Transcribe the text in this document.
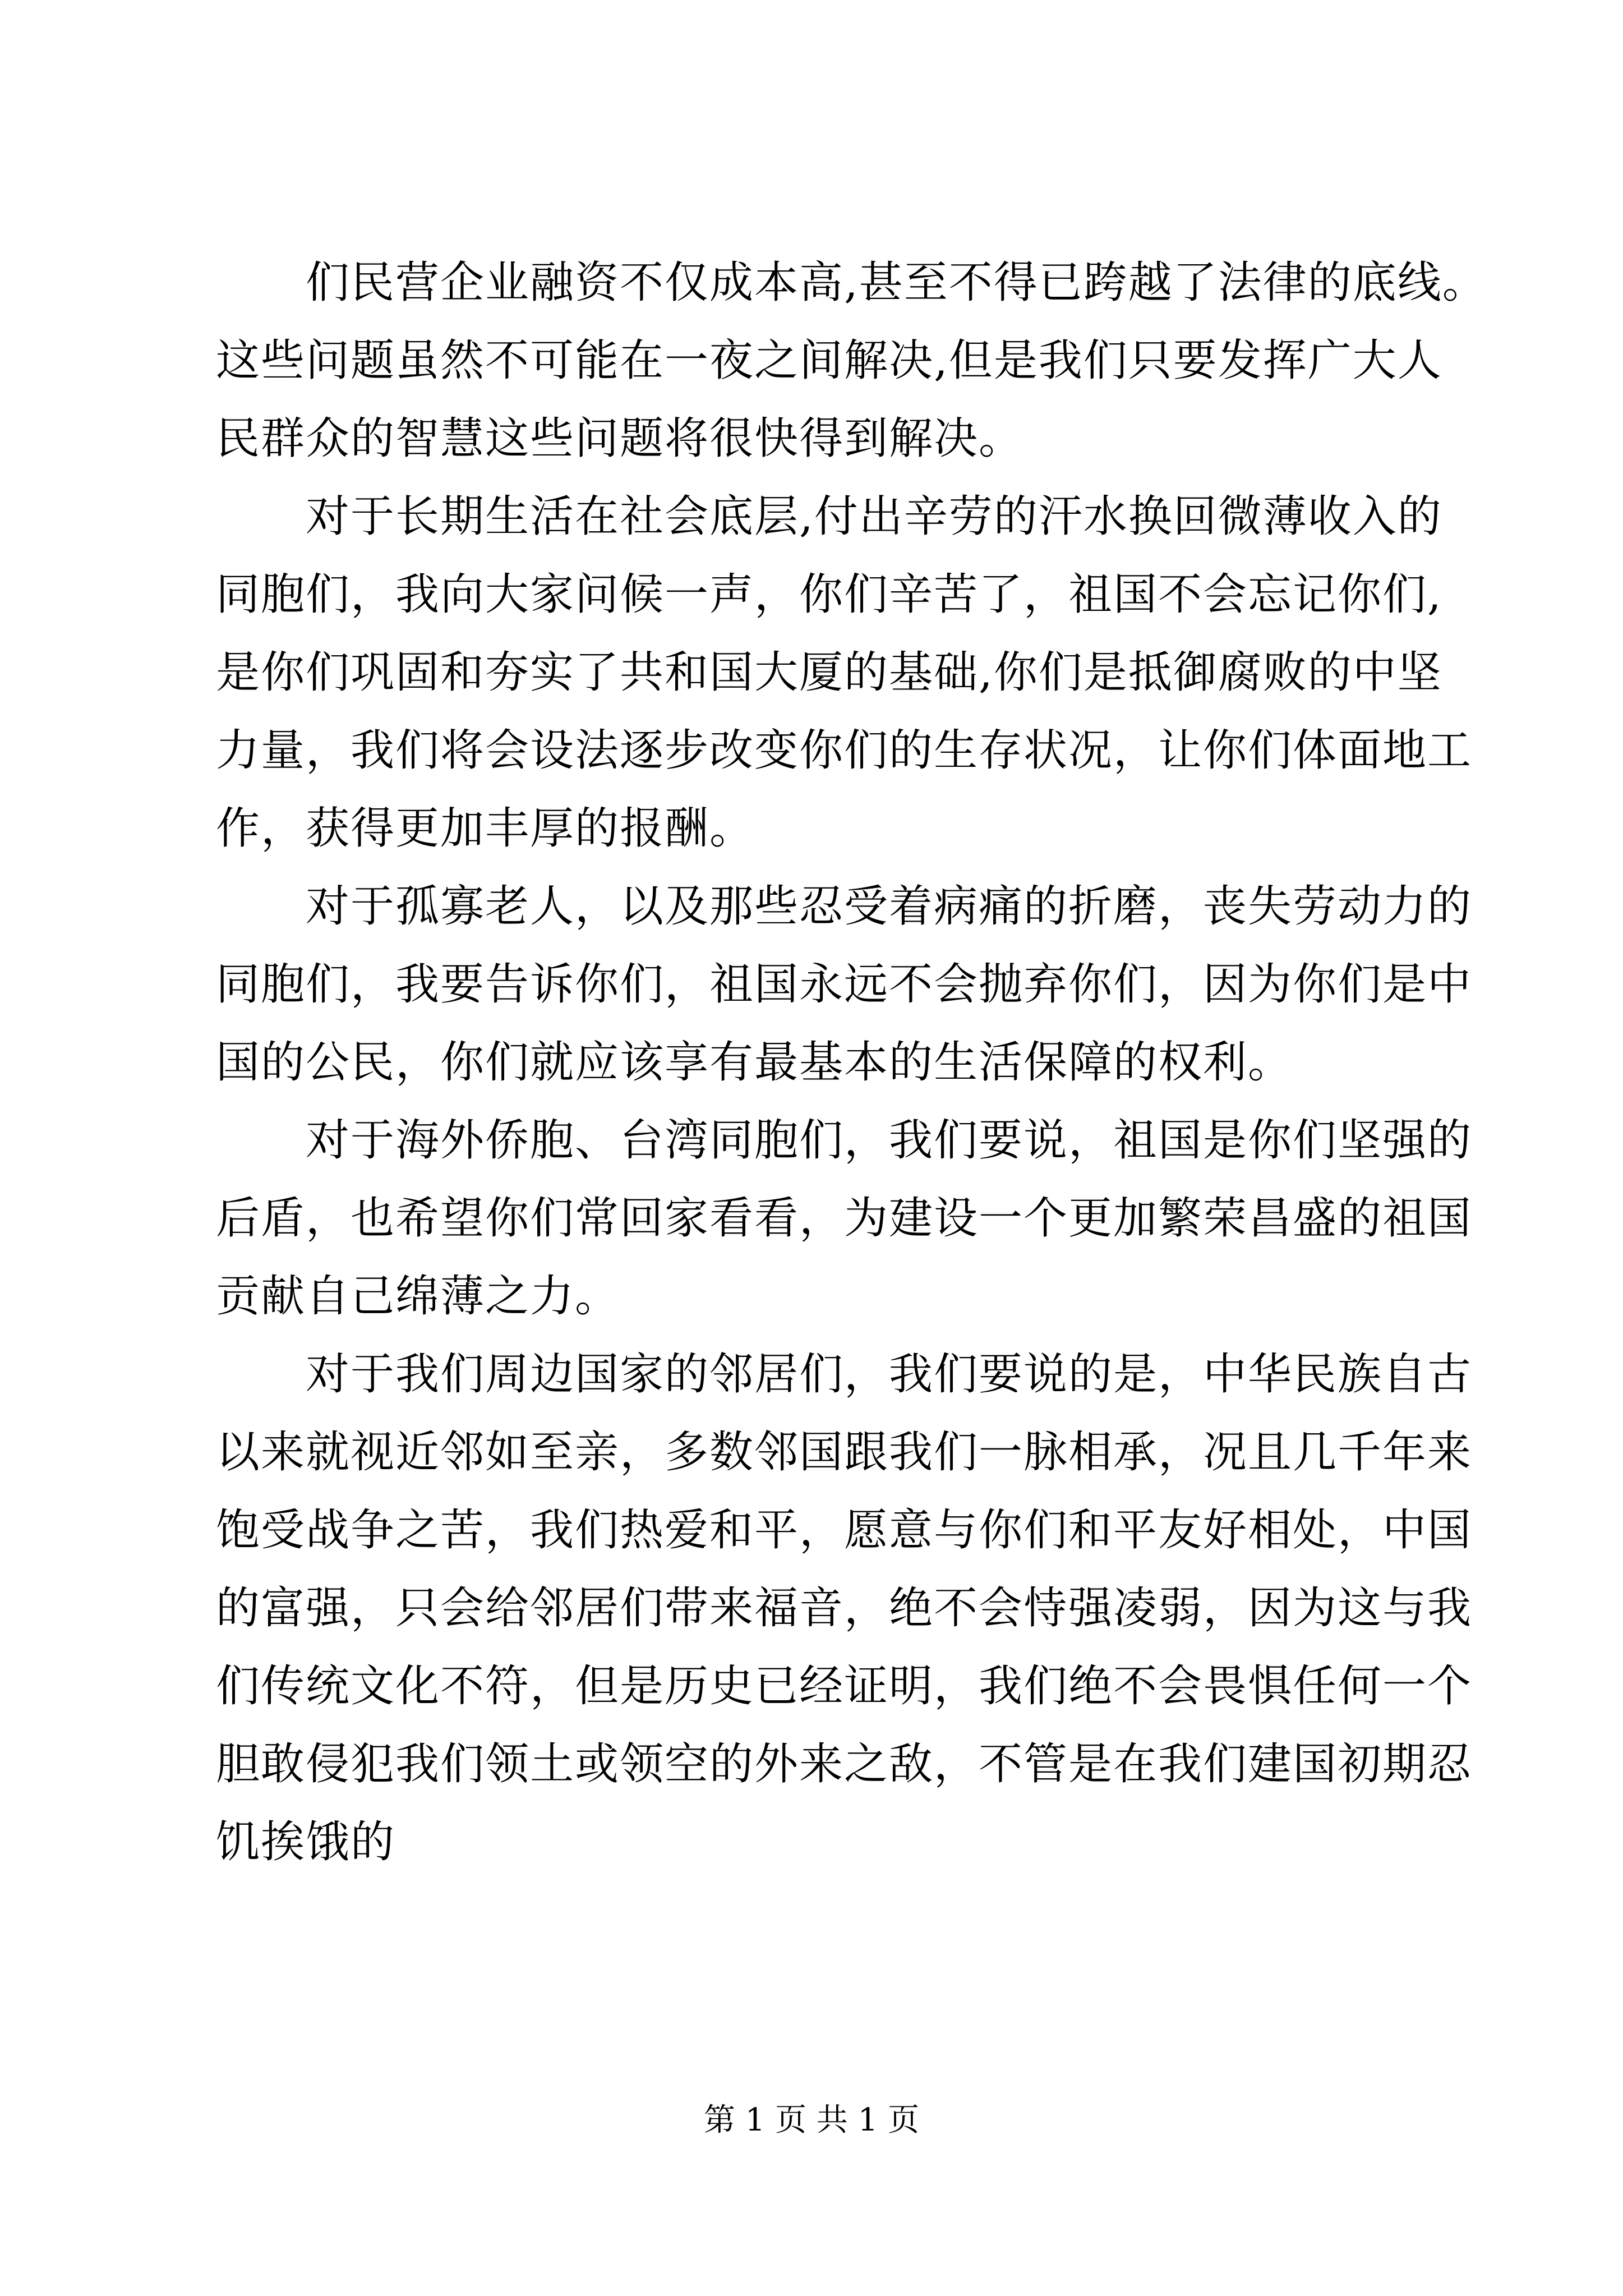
们民营企业融资不仅成本高,甚至不得已跨越了法律的底线。
这些问题虽然不可能在一夜之间解决,但是我们只要发挥广大人
民群众的智慧这些问题将很快得到解决。
对于长期生活在社会底层,付出辛劳的汗水换回微薄收入的
同胞们，我向大家问候一声，你们辛苦了，祖国不会忘记你们,
是你们巩固和夯实了共和国大厦的基础,你们是抵御腐败的中坚
力量，我们将会设法逐步改变你们的生存状况，让你们体面地工
作，获得更加丰厚的报酬。
对于孤寡老人，以及那些忍受着病痛的折磨，丧失劳动力的
同胞们，我要告诉你们，祖国永远不会抛弃你们，因为你们是中
国的公民，你们就应该享有最基本的生活保障的权利。
对于海外侨胞、台湾同胞们，我们要说，祖国是你们坚强的
后盾，也希望你们常回家看看，为建设一个更加繁荣昌盛的祖国
贡献自己绵薄之力。
对于我们周边国家的邻居们，我们要说的是，中华民族自古
以来就视近邻如至亲，多数邻国跟我们一脉相承，况且几千年来
饱受战争之苦，我们热爱和平，愿意与你们和平友好相处，中国
的富强，只会给邻居们带来福音，绝不会恃强凌弱，因为这与我
们传统文化不符，但是历史已经证明，我们绝不会畏惧任何一个
胆敢侵犯我们领土或领空的外来之敌，不管是在我们建国初期忍
饥挨饿的
第 1 页 共 1 页
